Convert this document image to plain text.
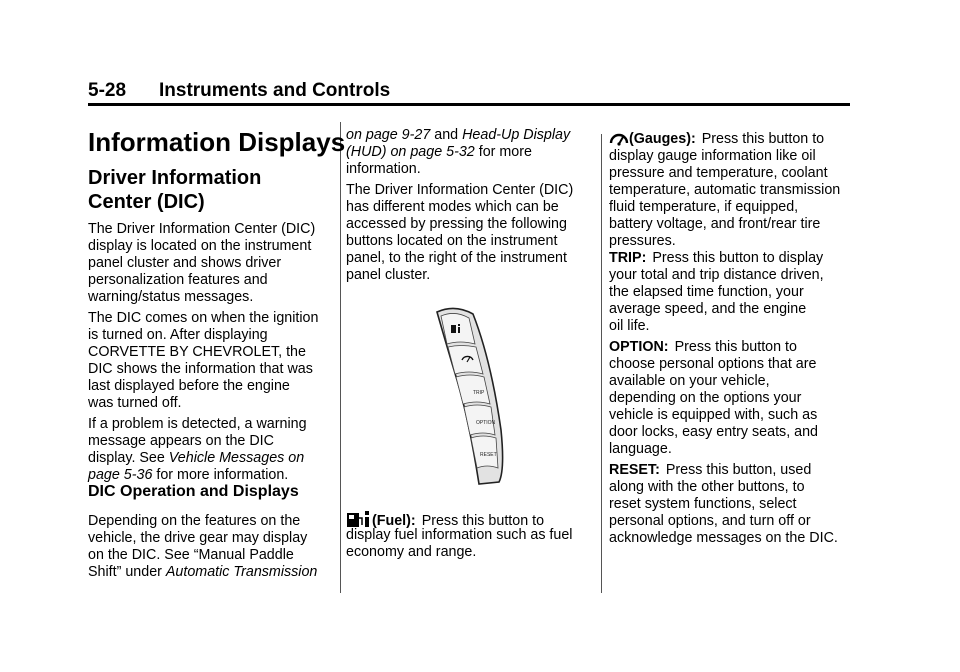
5-28 Instruments and Controls
Information Displays
Driver Information
Center (DIC)

The Driver Information Center (DIC)

display is located on the instrument

panel cluster and shows driver

personalization features and

warning/status messages.

The DIC comes on when the ignition

is turned on. After displaying

CORVETTE BY CHEVROLET, the

DIC shows the information that was

last displayed before the engine

was turned off.

If a problem is detected, a warning

message appears on the DIC

display. See Vehicle Messages on

page 5-36 for more information.

DIC Operation and Displays

Depending on the features on the

vehicle, the drive gear may display

on the DIC. See “Manual Paddle

Shift” under Automatic Transmission

on page 9-27 and Head-Up Display

(HUD) on page 5-32 for more

information.

The Driver Information Center (DIC)

has different modes which can be

accessed by pressing the following

buttons located on the instrument

panel, to the right of the instrument

panel cluster.

TRIP
OPTION
RESET

(Fuel): Press this button to

display fuel information such as fuel

economy and range.

(Gauges): Press this button to

display gauge information like oil

pressure and temperature, coolant

temperature, automatic transmission

fluid temperature, if equipped,

battery voltage, and front/rear tire

pressures.

TRIP: Press this button to display

your total and trip distance driven,

the elapsed time function, your

average speed, and the engine

oil life.

OPTION: Press this button to

choose personal options that are

available on your vehicle,

depending on the options your

vehicle is equipped with, such as

door locks, easy entry seats, and

language.

RESET: Press this button, used

along with the other buttons, to

reset system functions, select

personal options, and turn off or

acknowledge messages on the DIC.
